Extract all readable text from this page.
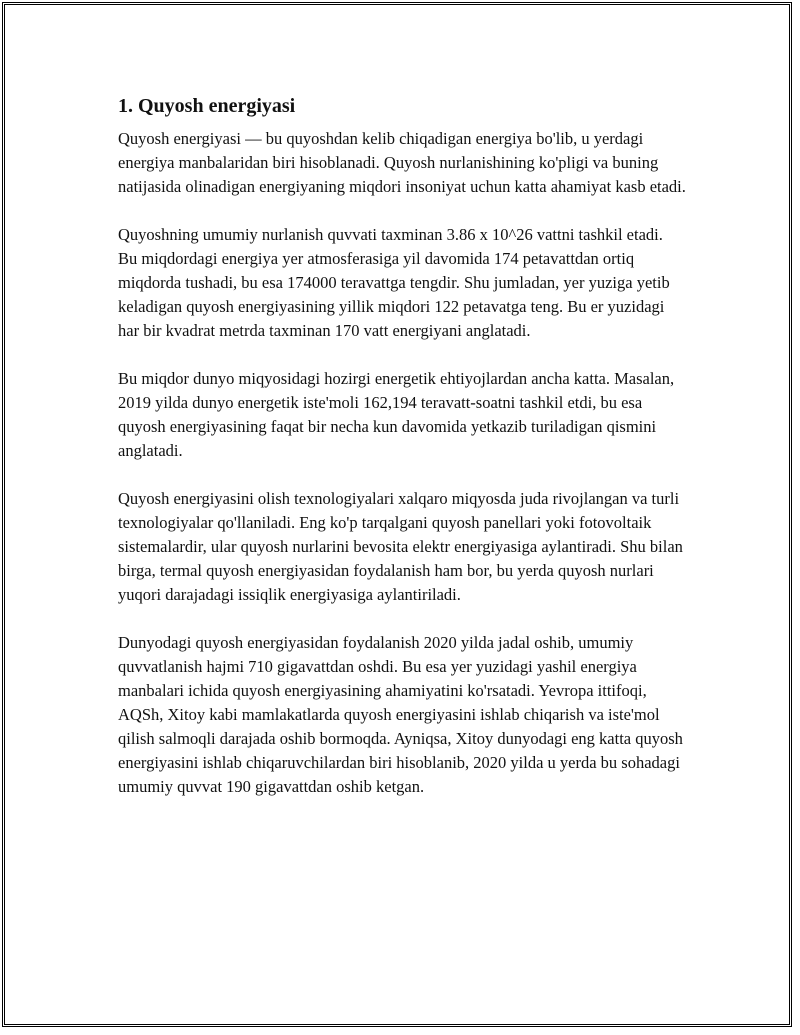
1. Quyosh energiyasi

Quyosh energiyasi — bu quyoshdan kelib chiqadigan energiya bo'lib, u yerdagi energiya manbalaridan biri hisoblanadi. Quyosh nurlanishining ko'pligi va buning natijasida olinadigan energiyaning miqdori insoniyat uchun katta ahamiyat kasb etadi.

Quyoshning umumiy nurlanish quvvati taxminan 3.86 x 10^26 vattni tashkil etadi. Bu miqdordagi energiya yer atmosferasiga yil davomida 174 petavattdan ortiq miqdorda tushadi, bu esa 174000 teravattga tengdir. Shu jumladan, yer yuziga yetib keladigan quyosh energiyasining yillik miqdori 122 petavatga teng. Bu er yuzidagi har bir kvadrat metrda taxminan 170 vatt energiyani anglatadi.

Bu miqdor dunyo miqyosidagi hozirgi energetik ehtiyojlardan ancha katta. Masalan, 2019 yilda dunyo energetik iste'moli 162,194 teravatt-soatni tashkil etdi, bu esa quyosh energiyasining faqat bir necha kun davomida yetkazib turiladigan qismini anglatadi.

Quyosh energiyasini olish texnologiyalari xalqaro miqyosda juda rivojlangan va turli texnologiyalar qo'llaniladi. Eng ko'p tarqalgani quyosh panellari yoki fotovoltaik sistemalardir, ular quyosh nurlarini bevosita elektr energiyasiga aylantiradi. Shu bilan birga, termal quyosh energiyasidan foydalanish ham bor, bu yerda quyosh nurlari yuqori darajadagi issiqlik energiyasiga aylantiriladi.

Dunyodagi quyosh energiyasidan foydalanish 2020 yilda jadal oshib, umumiy quvvatlanish hajmi 710 gigavattdan oshdi. Bu esa yer yuzidagi yashil energiya manbalari ichida quyosh energiyasining ahamiyatini ko'rsatadi. Yevropa ittifoqi, AQSh, Xitoy kabi mamlakatlarda quyosh energiyasini ishlab chiqarish va iste'mol qilish salmoqli darajada oshib bormoqda. Ayniqsa, Xitoy dunyodagi eng katta quyosh energiyasini ishlab chiqaruvchilardan biri hisoblanib, 2020 yilda u yerda bu sohadagi umumiy quvvat 190 gigavattdan oshib ketgan.
